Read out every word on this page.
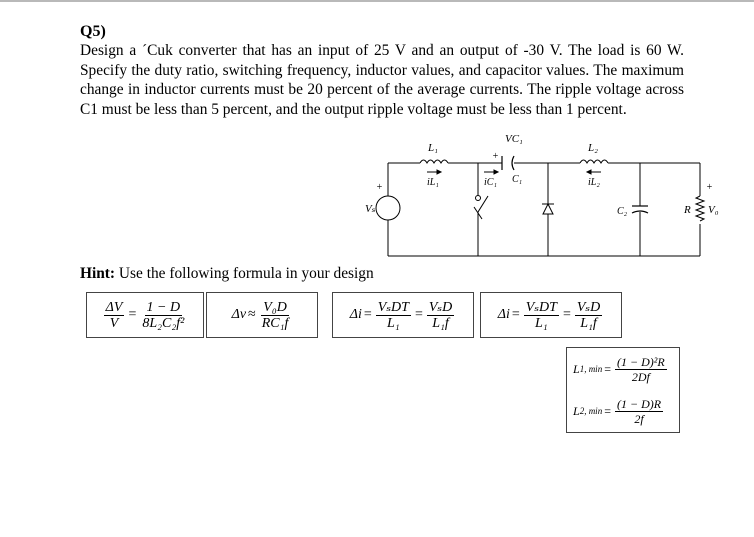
Q5)
Design a ´Cuk converter that has an input of 25 V and an output of -30 V. The load is 60 W. Specify the duty ratio, switching frequency, inductor values, and capacitor values. The maximum change in inductor currents must be 20 percent of the average currents. The ripple voltage across C1 must be less than 5 percent, and the output ripple voltage must be less than 1 percent.
L₁
iL₁
VC₁
+
iC₁ C₁
L₂
iL₂
Vₛ
+
C₂	R V₀
+
Hint: Use the following formula in your design
$\frac{\Delta V}{V} = \frac{1 - D}{\text{8L₂C₂f²}}$	$\Delta v \approx \frac{\text{V₀D}}{\text{RC₁f}}$	$\Delta i = \frac{\text{VₛDT}}{\text{L₁}} = \frac{\text{VₛD}}{\text{L₁f}}$	$\Delta i = \frac{\text{VₛDT}}{\text{L₁}} = \frac{\text{VₛD}}{\text{L₁f}}$
L 1, $\min = \frac{\text{(1 − D)²R}}{2Df}$
L 2, $\min = \frac{(1 - D)R}{2f}$
